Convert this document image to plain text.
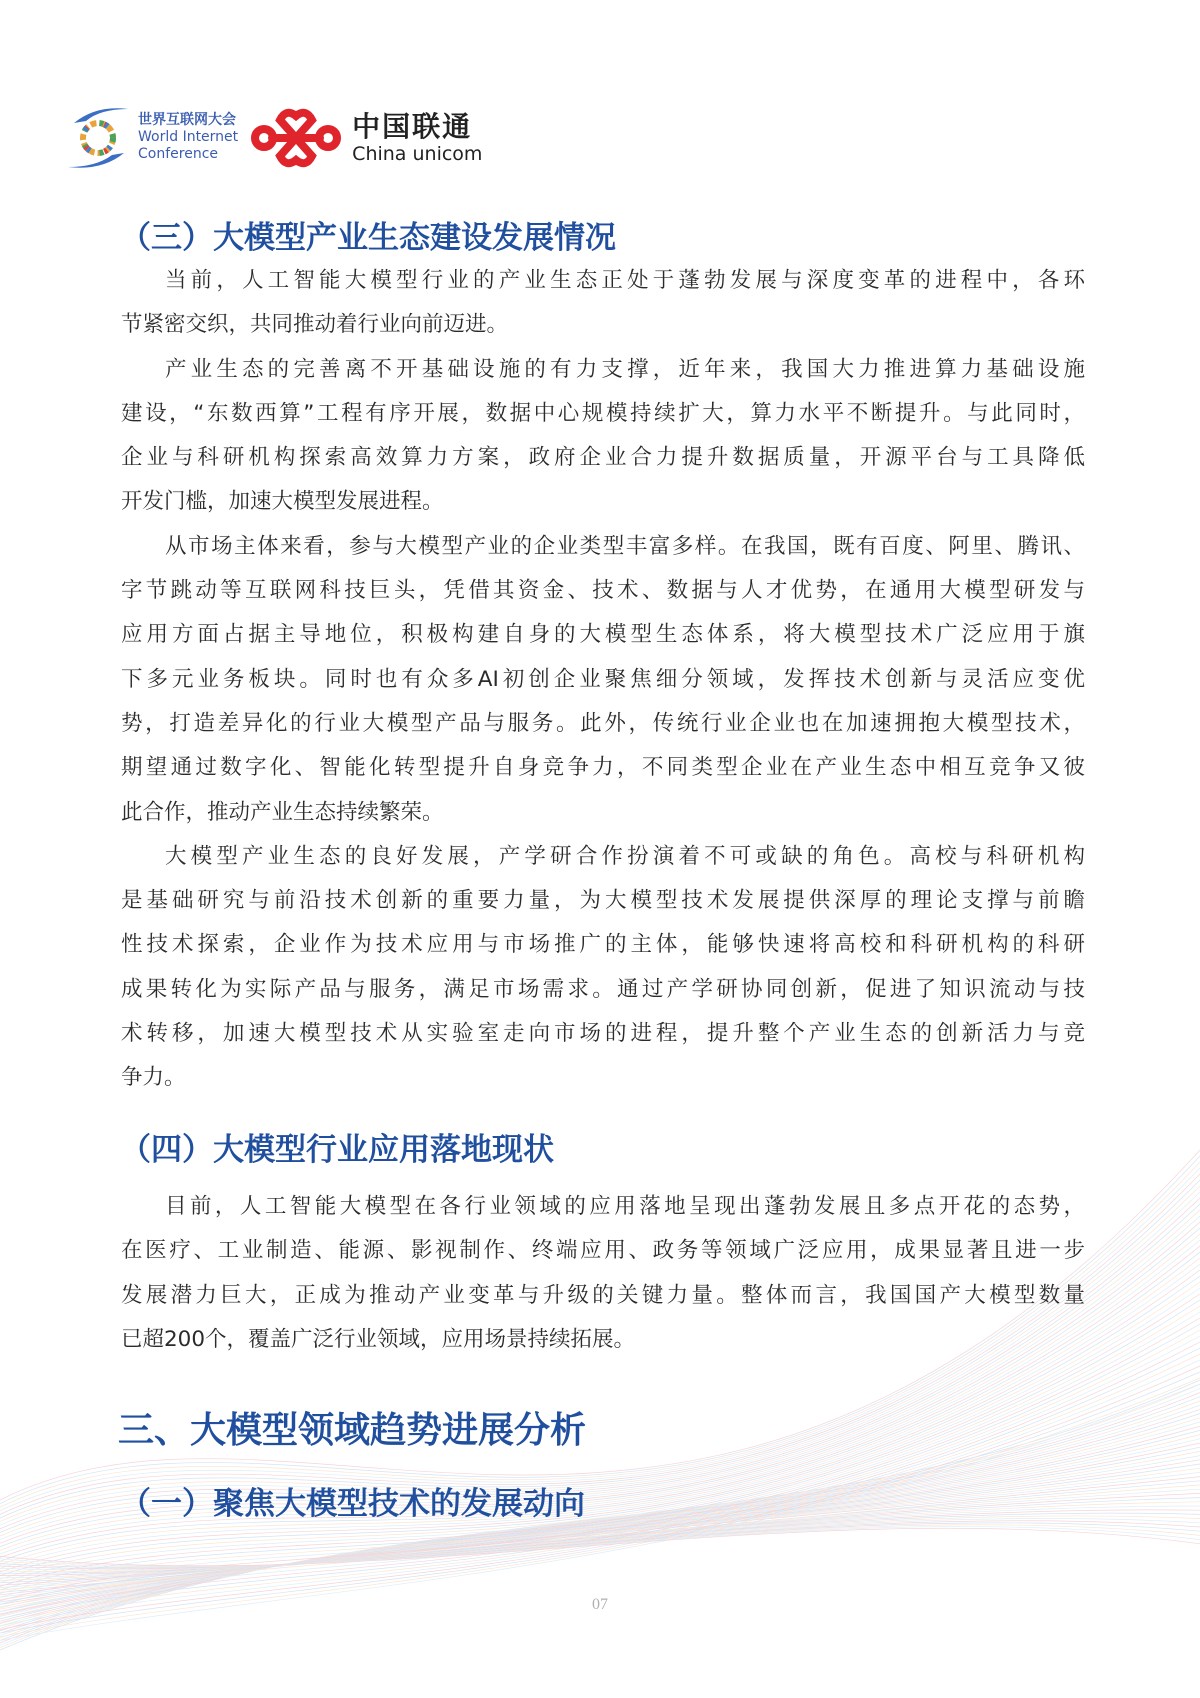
世界互联网大会
World Internet
Conference
中国联通
China unicom
（三）大模型产业生态建设发展情况
当前，人工智能大模型行业的产业生态正处于蓬勃发展与深度变革的进程中，各环
节紧密交织，共同推动着行业向前迈进。
产业生态的完善离不开基础设施的有力支撑，近年来，我国大力推进算力基础设施
建设，“东数西算”工程有序开展，数据中心规模持续扩大，算力水平不断提升。与此同时，
企业与科研机构探索高效算力方案，政府企业合力提升数据质量，开源平台与工具降低
开发门槛，加速大模型发展进程。
从市场主体来看，参与大模型产业的企业类型丰富多样。在我国，既有百度、阿里、腾讯、
字节跳动等互联网科技巨头，凭借其资金、技术、数据与人才优势，在通用大模型研发与
应用方面占据主导地位，积极构建自身的大模型生态体系，将大模型技术广泛应用于旗
下多元业务板块。同时也有众多AI初创企业聚焦细分领域，发挥技术创新与灵活应变优
势，打造差异化的行业大模型产品与服务。此外，传统行业企业也在加速拥抱大模型技术，
期望通过数字化、智能化转型提升自身竞争力，不同类型企业在产业生态中相互竞争又彼
此合作，推动产业生态持续繁荣。
大模型产业生态的良好发展，产学研合作扮演着不可或缺的角色。高校与科研机构
是基础研究与前沿技术创新的重要力量，为大模型技术发展提供深厚的理论支撑与前瞻
性技术探索，企业作为技术应用与市场推广的主体，能够快速将高校和科研机构的科研
成果转化为实际产品与服务，满足市场需求。通过产学研协同创新，促进了知识流动与技
术转移，加速大模型技术从实验室走向市场的进程，提升整个产业生态的创新活力与竞
争力。
（四）大模型行业应用落地现状
目前，人工智能大模型在各行业领域的应用落地呈现出蓬勃发展且多点开花的态势，
在医疗、工业制造、能源、影视制作、终端应用、政务等领域广泛应用，成果显著且进一步
发展潜力巨大，正成为推动产业变革与升级的关键力量。整体而言，我国国产大模型数量
已超200个，覆盖广泛行业领域，应用场景持续拓展。
三、大模型领域趋势进展分析
（一）聚焦大模型技术的发展动向
07
